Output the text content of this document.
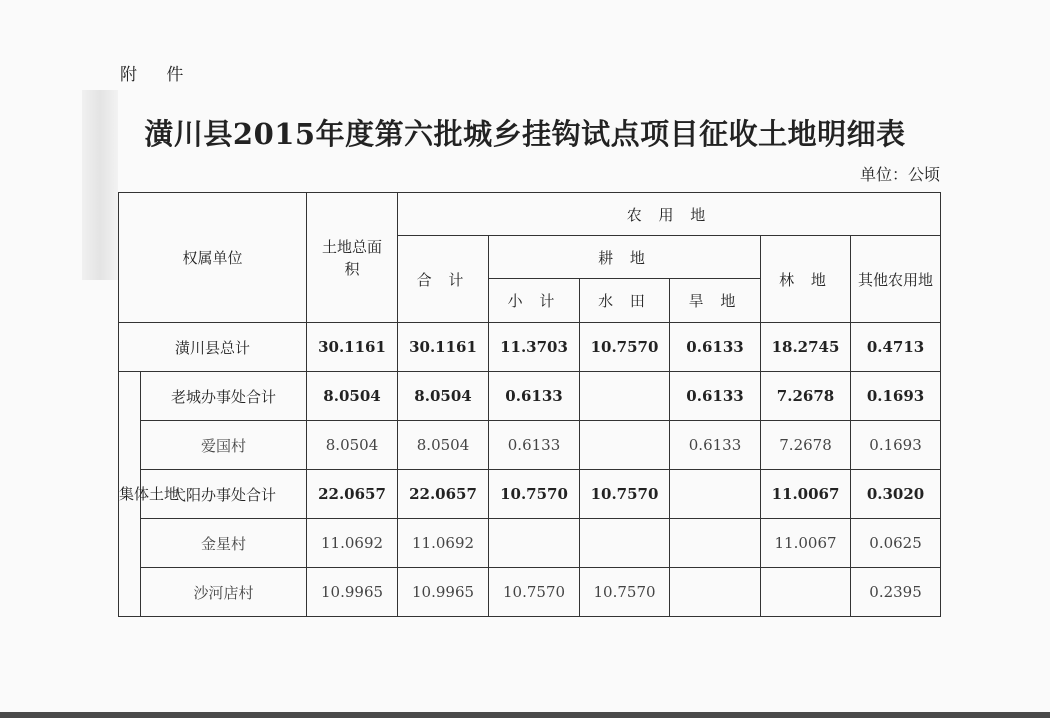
附 件
潢川县2015年度第六批城乡挂钩试点项目征收土地明细表
单位：公顷
权属单位		土地总面积	农 用 地					
			合 计	耕 地			林 地	其他农用地
				小 计	水 田	旱 地		
潢川县总计		30.1161	30.1161	11.3703	10.7570	0.6133	18.2745	0.4713
集体土地	老城办事处合计	8.0504	8.0504	0.6133		0.6133	7.2678	0.1693
	爱国村	8.0504	8.0504	0.6133		0.6133	7.2678	0.1693
	弋阳办事处合计	22.0657	22.0657	10.7570	10.7570		11.0067	0.3020
	金星村	11.0692	11.0692				11.0067	0.0625
	沙河店村	10.9965	10.9965	10.7570	10.7570			0.2395
